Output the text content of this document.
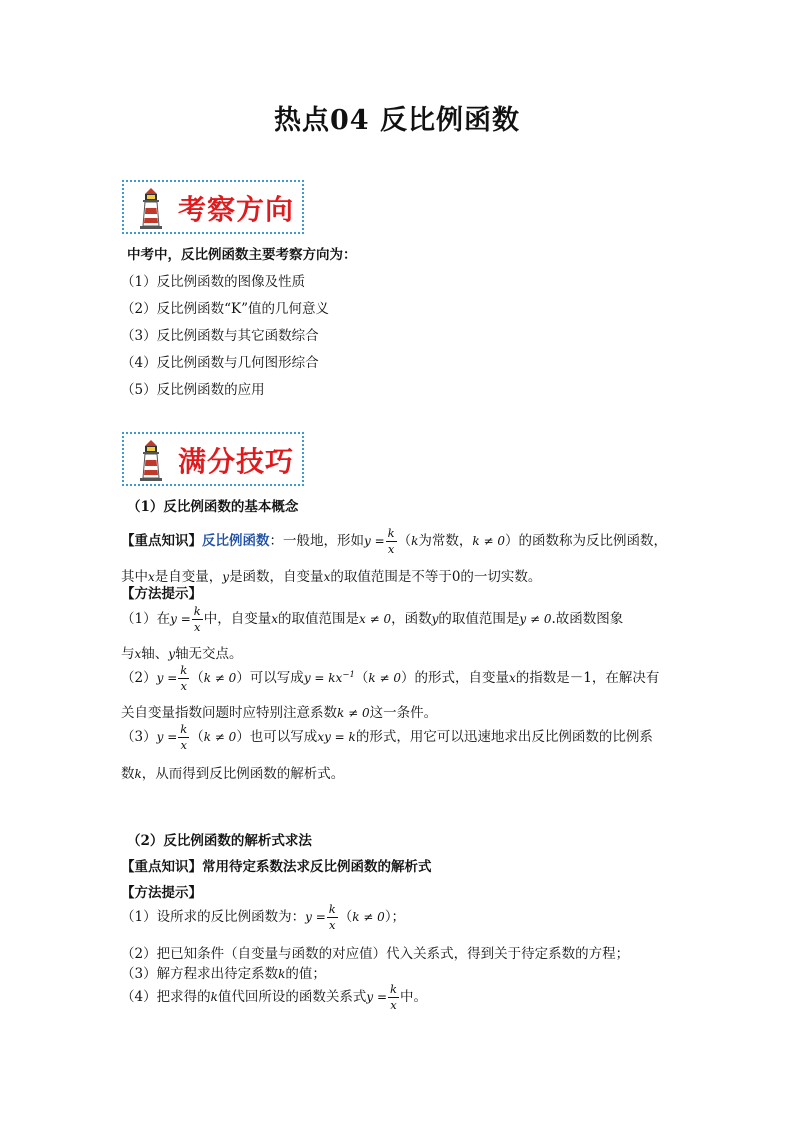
热点04 反比例函数
考察方向
中考中，反比例函数主要考察方向为：
（1）反比例函数的图像及性质
（2）反比例函数“K”值的几何意义
（3）反比例函数与其它函数综合
（4）反比例函数与几何图形综合
（5）反比例函数的应用
满分技巧
（1）反比例函数的基本概念
【重点知识】反比例函数：一般地，形如$y = \frac{k}{x} (k$为常数，k ≠ 0）的函数称为反比例函数，
其中x是自变量，y是函数，自变量x的取值范围是不等于0的一切实数。
【方法提示】
（1）在$y = \frac{k}{x}$ 中，自变量x的取值范围是x ≠ 0，函数y的取值范围是y ≠ 0.故函数图象
与x轴、y轴无交点。
$(2)y = \frac{k}{x} (k \ne 0)$可以写成$y = kx^{-1}(k \ne 0)$的形式，自变量x的指数是－1，在解决有
关自变量指数问题时应特别注意系数k ≠ 0这一条件。
$(3)y = \frac{k}{x} (k \ne 0)$也可以写成xy = k的形式，用它可以迅速地求出反比例函数的比例系
数k，从而得到反比例函数的解析式。
（2）反比例函数的解析式求法
【重点知识】常用待定系数法求反比例函数的解析式
【方法提示】
（1）设所求的反比例函数为：$y = \frac{k}{x} (k \ne 0)$；
（2）把已知条件（自变量与函数的对应值）代入关系式，得到关于待定系数的方程；
（3）解方程求出待定系数k的值；
（4）把求得的k值代回所设的函数关系式$y = \frac{k}{x}$ 中。
